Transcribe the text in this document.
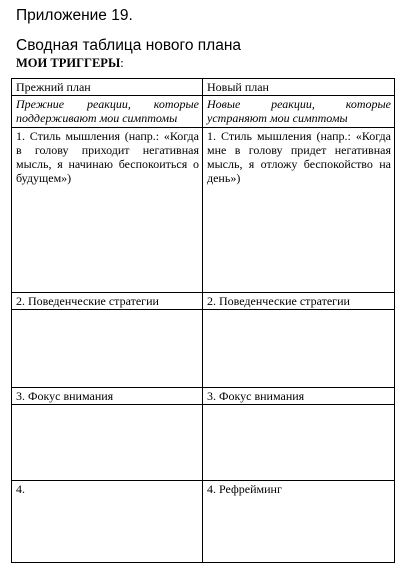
Приложение 19.
Сводная таблица нового плана
МОИ ТРИГГЕРЫ:
Прежний план	Новый план
Прежние реакции, которые поддерживают мои симптомы	Новые реакции, которые устраняют мои симптомы
1. Стиль мышления (напр.: «Когда в голову приходит негативная мысль, я начинаю беспокоиться о будущем»)	1. Стиль мышления (напр.: «Когда мне в голову придет негативная мысль, я отложу беспокойство на день»)
2. Поведенческие стратегии	2. Поведенческие стратегии

3. Фокус внимания	3. Фокус внимания

4.	4. Рефрейминг
